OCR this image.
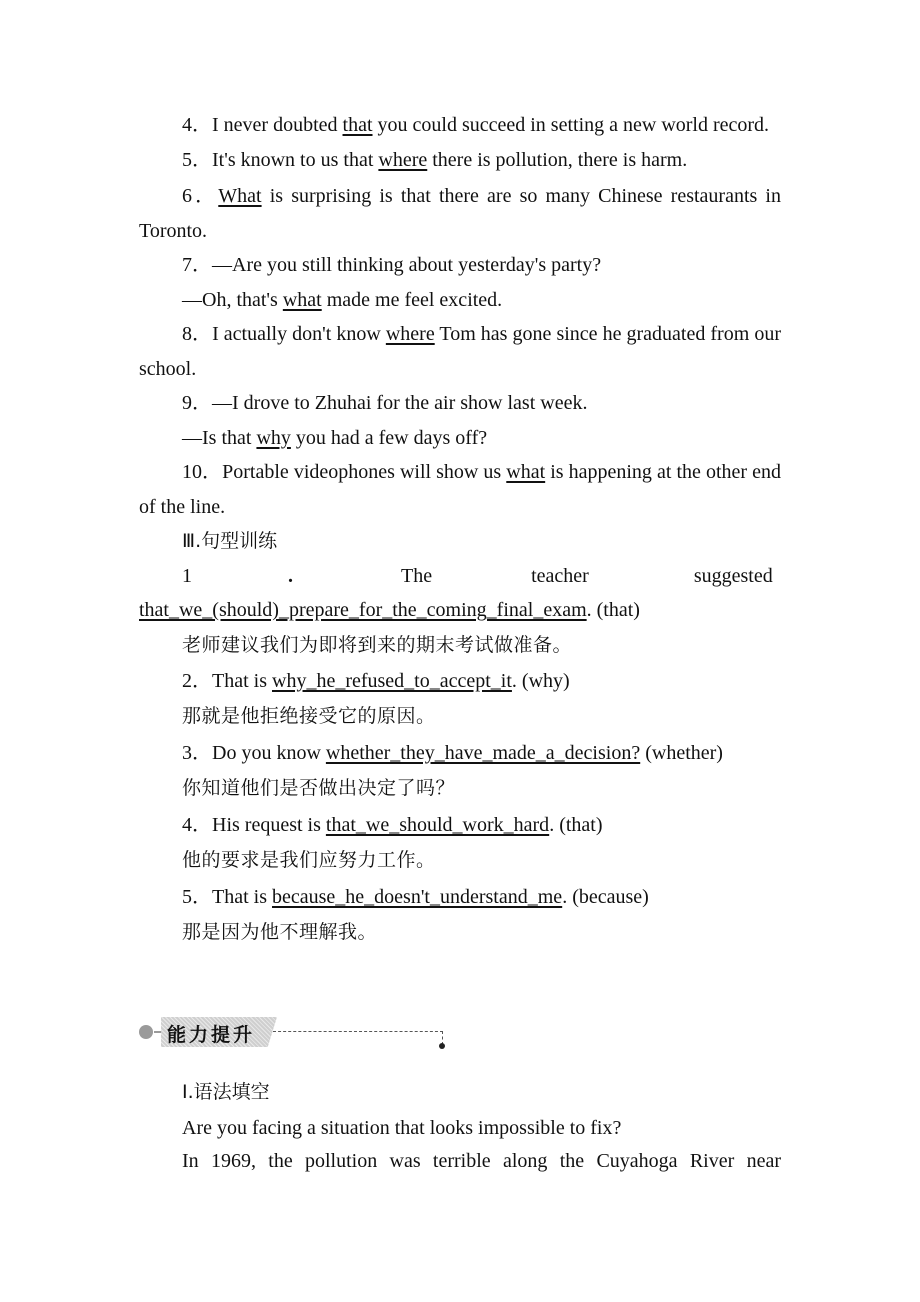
4．I never doubted that you could succeed in setting a new world record.

5．It's known to us that where there is pollution, there is harm.

6．What is surprising is that there are so many Chinese restaurants in Toronto.

7．—Are you still thinking about yesterday's party?

—Oh, that's what made me feel excited.

8．I actually don't know where Tom has gone since he graduated from our school.

9．—I drove to Zhuhai for the air show last week.

—Is that why you had a few days off?

10．Portable videophones will show us what is happening at the other end of the line.

Ⅲ.句型训练

1	.	The	teacher	suggested

that_we_(should)_prepare_for_the_coming_final_exam. (that)

老师建议我们为即将到来的期末考试做准备。

2．That is why_he_refused_to_accept_it. (why)

那就是他拒绝接受它的原因。

3．Do you know whether_they_have_made_a_decision? (whether)

你知道他们是否做出决定了吗？

4．His request is that_we_should_work_hard. (that)

他的要求是我们应努力工作。

5．That is because_he_doesn't_understand_me. (because)

那是因为他不理解我。

能力提升

Ⅰ.语法填空

Are you facing a situation that looks impossible to fix?

In 1969, the pollution was terrible along the Cuyahoga River near
